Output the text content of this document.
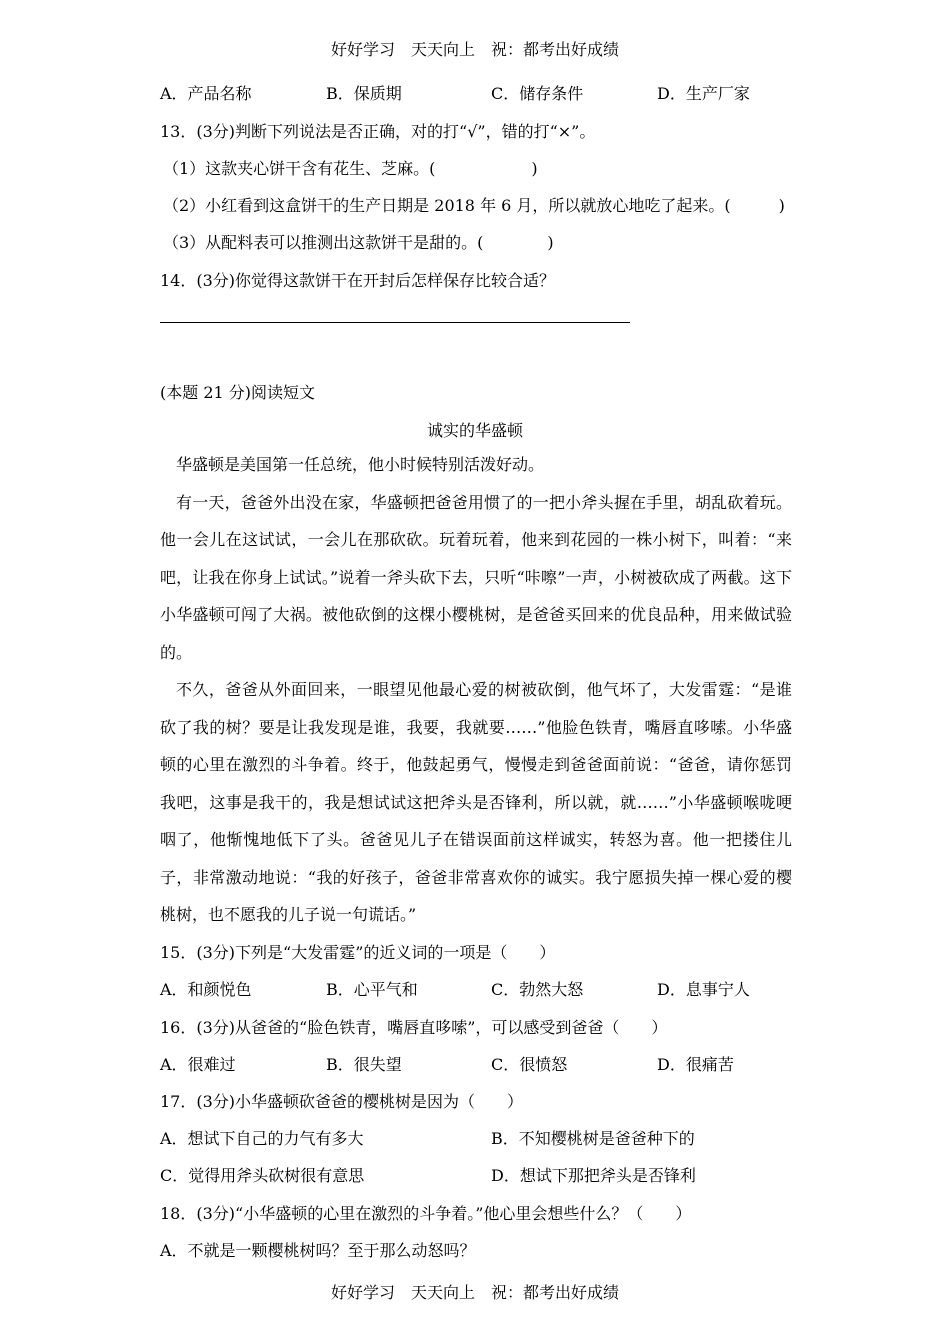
好好学习　天天向上　祝：都考出好成绩
A．产品名称	B．保质期	C．储存条件	D．生产厂家
13．(3分)判断下列说法是否正确，对的打“√”，错的打“×”。
（1）这款夹心饼干含有花生、芝麻。(　　　　　　)
（2）小红看到这盒饼干的生产日期是 2018 年 6 月，所以就放心地吃了起来。(　　　)
（3）从配料表可以推测出这款饼干是甜的。(　　　　)
14．(3分)你觉得这款饼干在开封后怎样保存比较合适？
(本题 21 分)阅读短文
诚实的华盛顿

华盛顿是美国第一任总统，他小时候特别活泼好动。

有一天，爸爸外出没在家，华盛顿把爸爸用惯了的一把小斧头握在手里，胡乱砍着玩。他一会儿在这试试，一会儿在那砍砍。玩着玩着，他来到花园的一株小树下，叫着：“来吧，让我在你身上试试。”说着一斧头砍下去，只听“咔嚓”一声，小树被砍成了两截。这下小华盛顿可闯了大祸。被他砍倒的这棵小樱桃树，是爸爸买回来的优良品种，用来做试验的。

不久，爸爸从外面回来，一眼望见他最心爱的树被砍倒，他气坏了，大发雷霆：“是谁砍了我的树？要是让我发现是谁，我要，我就要……”他脸色铁青，嘴唇直哆嗦。小华盛顿的心里在激烈的斗争着。终于，他鼓起勇气，慢慢走到爸爸面前说：“爸爸，请你惩罚我吧，这事是我干的，我是想试试这把斧头是否锋利，所以就，就……”小华盛顿喉咙哽咽了，他惭愧地低下了头。爸爸见儿子在错误面前这样诚实，转怒为喜。他一把搂住儿子，非常激动地说：“我的好孩子，爸爸非常喜欢你的诚实。我宁愿损失掉一棵心爱的樱桃树，也不愿我的儿子说一句谎话。”

15．(3分)下列是“大发雷霆”的近义词的一项是（　　）
A．和颜悦色	B．心平气和	C．勃然大怒	D．息事宁人
16．(3分)从爸爸的“脸色铁青，嘴唇直哆嗦”，可以感受到爸爸（　　）
A．很难过	B．很失望	C．很愤怒	D．很痛苦
17．(3分)小华盛顿砍爸爸的樱桃树是因为（　　）
A．想试下自己的力气有多大	B．不知樱桃树是爸爸种下的
C．觉得用斧头砍树很有意思	D．想试下那把斧头是否锋利
18．(3分)“小华盛顿的心里在激烈的斗争着。”他心里会想些什么？（　　）
A．不就是一颗樱桃树吗？至于那么动怒吗？
好好学习　天天向上　祝：都考出好成绩
